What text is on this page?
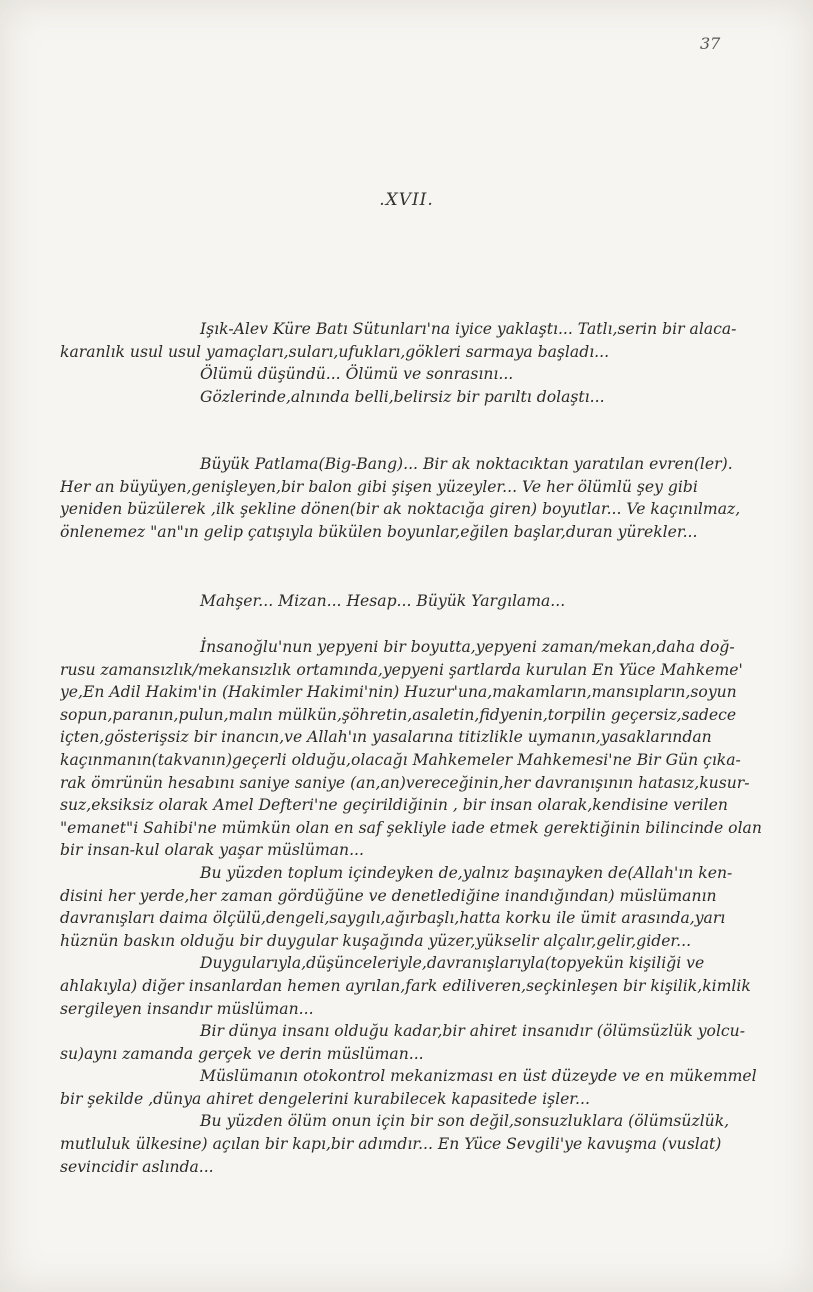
37
.XVII.
Işık-Alev Küre Batı Sütunları'na iyice yaklaştı... Tatlı,serin bir alaca-
karanlık usul usul yamaçları,suları,ufukları,gökleri sarmaya başladı...
Ölümü düşündü... Ölümü ve sonrasını...
Gözlerinde,alnında belli,belirsiz bir parıltı dolaştı...
Büyük Patlama(Big-Bang)... Bir ak noktacıktan yaratılan evren(ler).
Her an büyüyen,genişleyen,bir balon gibi şişen yüzeyler... Ve her ölümlü şey gibi
yeniden büzülerek ,ilk şekline dönen(bir ak noktacığa giren) boyutlar... Ve kaçınılmaz,
önlenemez "an"ın gelip çatışıyla bükülen boyunlar,eğilen başlar,duran yürekler...
Mahşer... Mizan... Hesap... Büyük Yargılama...
İnsanoğlu'nun yepyeni bir boyutta,yepyeni zaman/mekan,daha doğ-
rusu zamansızlık/mekansızlık ortamında,yepyeni şartlarda kurulan En Yüce Mahkeme'
ye,En Adil Hakim'in (Hakimler Hakimi'nin) Huzur'una,makamların,mansıpların,soyun
sopun,paranın,pulun,malın mülkün,şöhretin,asaletin,fidyenin,torpilin geçersiz,sadece
içten,gösterişsiz bir inancın,ve Allah'ın yasalarına titizlikle uymanın,yasaklarından
kaçınmanın(takvanın)geçerli olduğu,olacağı Mahkemeler Mahkemesi'ne Bir Gün çıka-
rak ömrünün hesabını saniye saniye (an,an)vereceğinin,her davranışının hatasız,kusur-
suz,eksiksiz olarak Amel Defteri'ne geçirildiğinin , bir insan olarak,kendisine verilen
"emanet"i Sahibi'ne mümkün olan en saf şekliyle iade etmek gerektiğinin bilincinde olan
bir insan-kul olarak yaşar müslüman...
Bu yüzden toplum içindeyken de,yalnız başınayken de(Allah'ın ken-
disini her yerde,her zaman gördüğüne ve denetlediğine inandığından) müslümanın
davranışları daima ölçülü,dengeli,saygılı,ağırbaşlı,hatta korku ile ümit arasında,yarı
hüznün baskın olduğu bir duygular kuşağında yüzer,yükselir alçalır,gelir,gider...
Duygularıyla,düşünceleriyle,davranışlarıyla(topyekün kişiliği ve
ahlakıyla) diğer insanlardan hemen ayrılan,fark ediliveren,seçkinleşen bir kişilik,kimlik
sergileyen insandır müslüman...
Bir dünya insanı olduğu kadar,bir ahiret insanıdır (ölümsüzlük yolcu-
su)aynı zamanda gerçek ve derin müslüman...
Müslümanın otokontrol mekanizması en üst düzeyde ve en mükemmel
bir şekilde ,dünya ahiret dengelerini kurabilecek kapasitede işler...
Bu yüzden ölüm onun için bir son değil,sonsuzluklara (ölümsüzlük,
mutluluk ülkesine) açılan bir kapı,bir adımdır... En Yüce Sevgili'ye kavuşma (vuslat)
sevincidir aslında...
